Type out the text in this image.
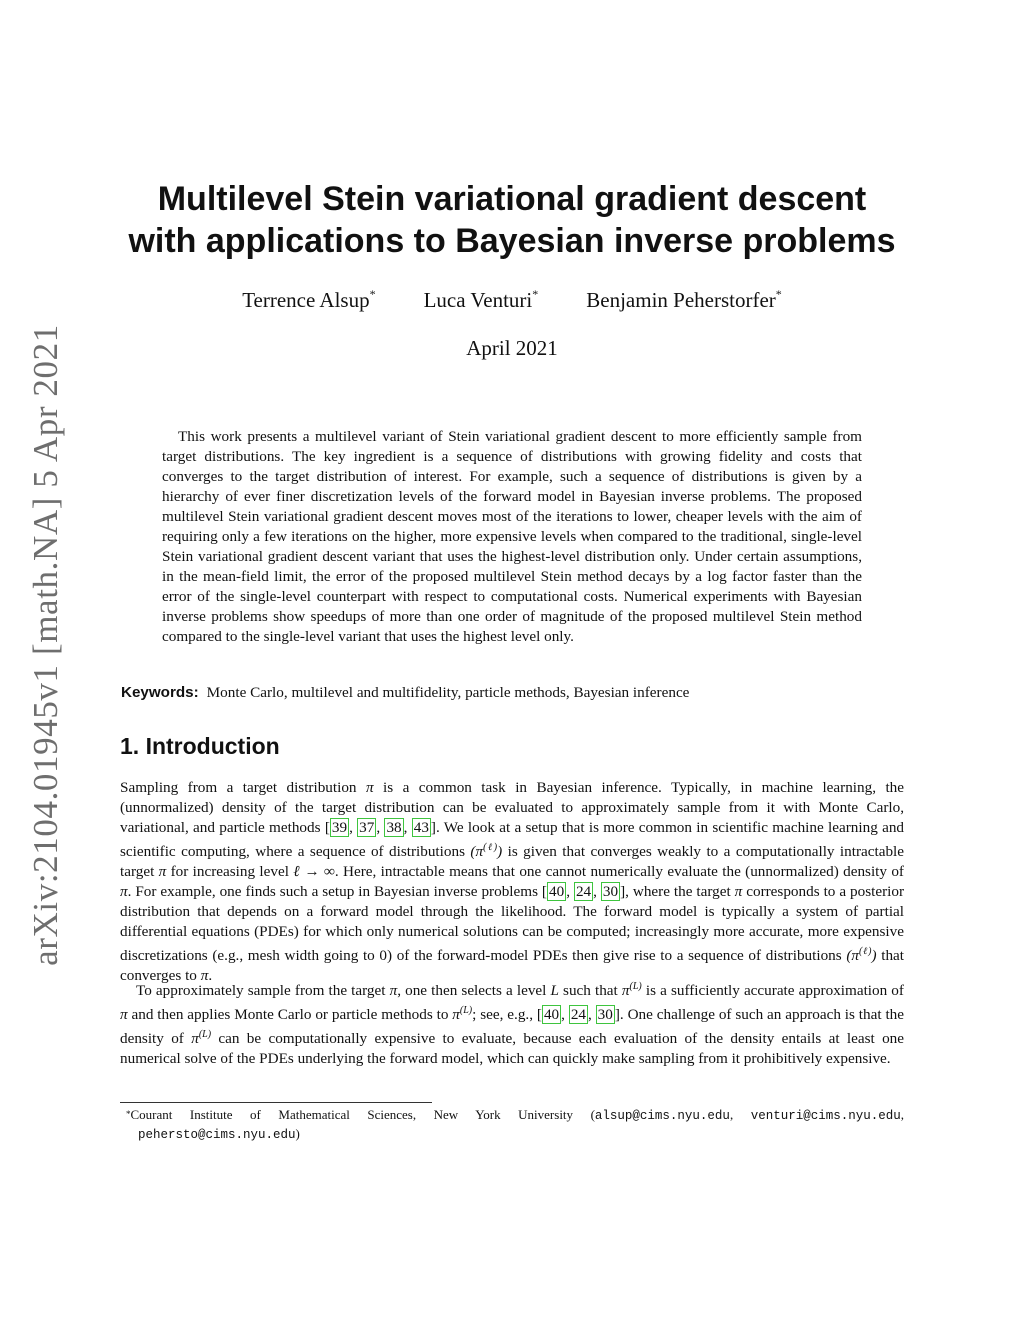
arXiv:2104.01945v1 [math.NA] 5 Apr 2021
Multilevel Stein variational gradient descent
with applications to Bayesian inverse problems
Terrence Alsup* Luca Venturi* Benjamin Peherstorfer*
April 2021

This work presents a multilevel variant of Stein variational gradient descent to more efficiently sample from target distributions. The key ingredient is a sequence of distributions with growing fidelity and costs that converges to the target distribution of interest. For example, such a sequence of distributions is given by a hierarchy of ever finer discretization levels of the forward model in Bayesian inverse problems. The proposed multilevel Stein variational gradient descent moves most of the iterations to lower, cheaper levels with the aim of requiring only a few iterations on the higher, more expensive levels when compared to the traditional, single-level Stein variational gradient descent variant that uses the highest-level distribution only. Under certain assumptions, in the mean-field limit, the error of the proposed multilevel Stein method decays by a log factor faster than the error of the single-level counterpart with respect to computational costs. Numerical experiments with Bayesian inverse problems show speedups of more than one order of magnitude of the proposed multilevel Stein method compared to the single-level variant that uses the highest level only.

Keywords: Monte Carlo, multilevel and multifidelity, particle methods, Bayesian inference
1. Introduction

Sampling from a target distribution π is a common task in Bayesian inference. Typically, in machine learning, the (unnormalized) density of the target distribution can be evaluated to approximately sample from it with Monte Carlo, variational, and particle methods [ 39 , 37 , 38 , 43 ]. We look at a setup that is more common in scientific machine learning and scientific computing, where a sequence of distributions $(\pi^{(\ell)})$ is given that converges weakly to a computationally intractable target π for increasing level ℓ → ∞. Here, intractable means that one cannot numerically evaluate the (unnormalized) density of π. For example, one finds such a setup in Bayesian inverse problems [ 40 , 24 , 30 ], where the target π corresponds to a posterior distribution that depends on a forward model through the likelihood. The forward model is typically a system of partial differential equations (PDEs) for which only numerical solutions can be computed; increasingly more accurate, more expensive discretizations (e.g., mesh width going to 0) of the forward-model PDEs then give rise to a sequence of distributions $(\pi^{(\ell)})$ that converges to π.

To approximately sample from the target π, one then selects a level L such that $\pi^{(L)}$ is a sufficiently accurate approximation of π and then applies Monte Carlo or particle methods to $\pi^{(L)}$; see, e.g., [ 40 , 24 , 30 ]. One challenge of such an approach is that the density of $\pi^{(L)}$ can be computationally expensive to evaluate, because each evaluation of the density entails at least one numerical solve of the PDEs underlying the forward model, which can quickly make sampling from it prohibitively expensive.

*Courant Institute of Mathematical Sciences, New York University (alsup@cims.nyu.edu, venturi@cims.nyu.edu, pehersto@cims.nyu.edu)
